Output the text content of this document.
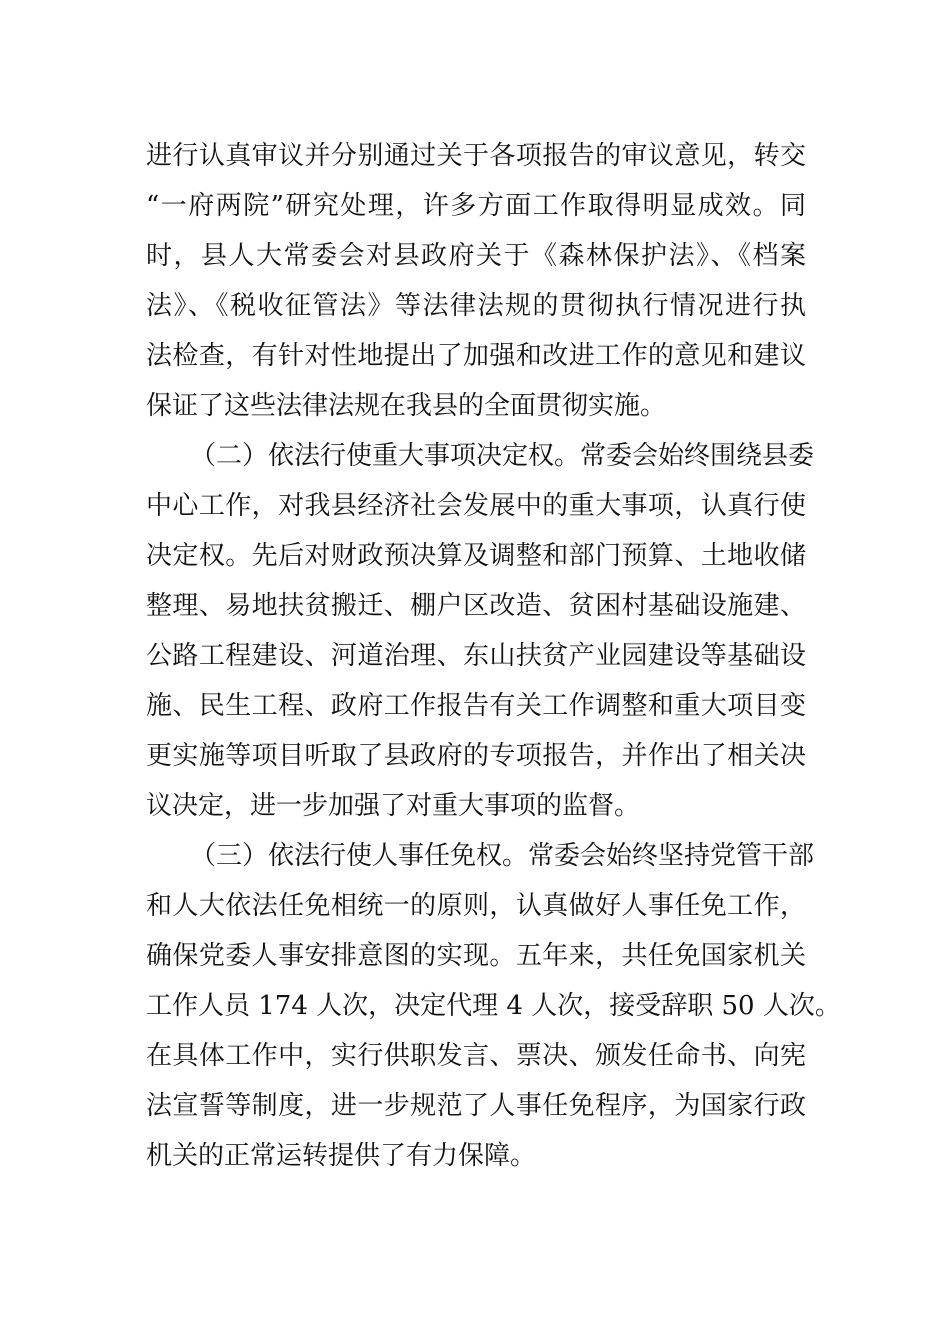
进行认真审议并分别通过关于各项报告的审议意见，转交
“一府两院”研究处理，许多方面工作取得明显成效。同
时，县人大常委会对县政府关于《森林保护法》、《档案
法》、《税收征管法》等法律法规的贯彻执行情况进行执
法检查，有针对性地提出了加强和改进工作的意见和建议
保证了这些法律法规在我县的全面贯彻实施。
（二）依法行使重大事项决定权。常委会始终围绕县委
中心工作，对我县经济社会发展中的重大事项，认真行使
决定权。先后对财政预决算及调整和部门预算、土地收储
整理、易地扶贫搬迁、棚户区改造、贫困村基础设施建、
公路工程建设、河道治理、东山扶贫产业园建设等基础设
施、民生工程、政府工作报告有关工作调整和重大项目变
更实施等项目听取了县政府的专项报告，并作出了相关决
议决定，进一步加强了对重大事项的监督。
（三）依法行使人事任免权。常委会始终坚持党管干部
和人大依法任免相统一的原则，认真做好人事任免工作，
确保党委人事安排意图的实现。五年来，共任免国家机关
工作人员 174 人次，决定代理 4 人次，接受辞职 50 人次。
在具体工作中，实行供职发言、票决、颁发任命书、向宪
法宣誓等制度，进一步规范了人事任免程序，为国家行政
机关的正常运转提供了有力保障。
